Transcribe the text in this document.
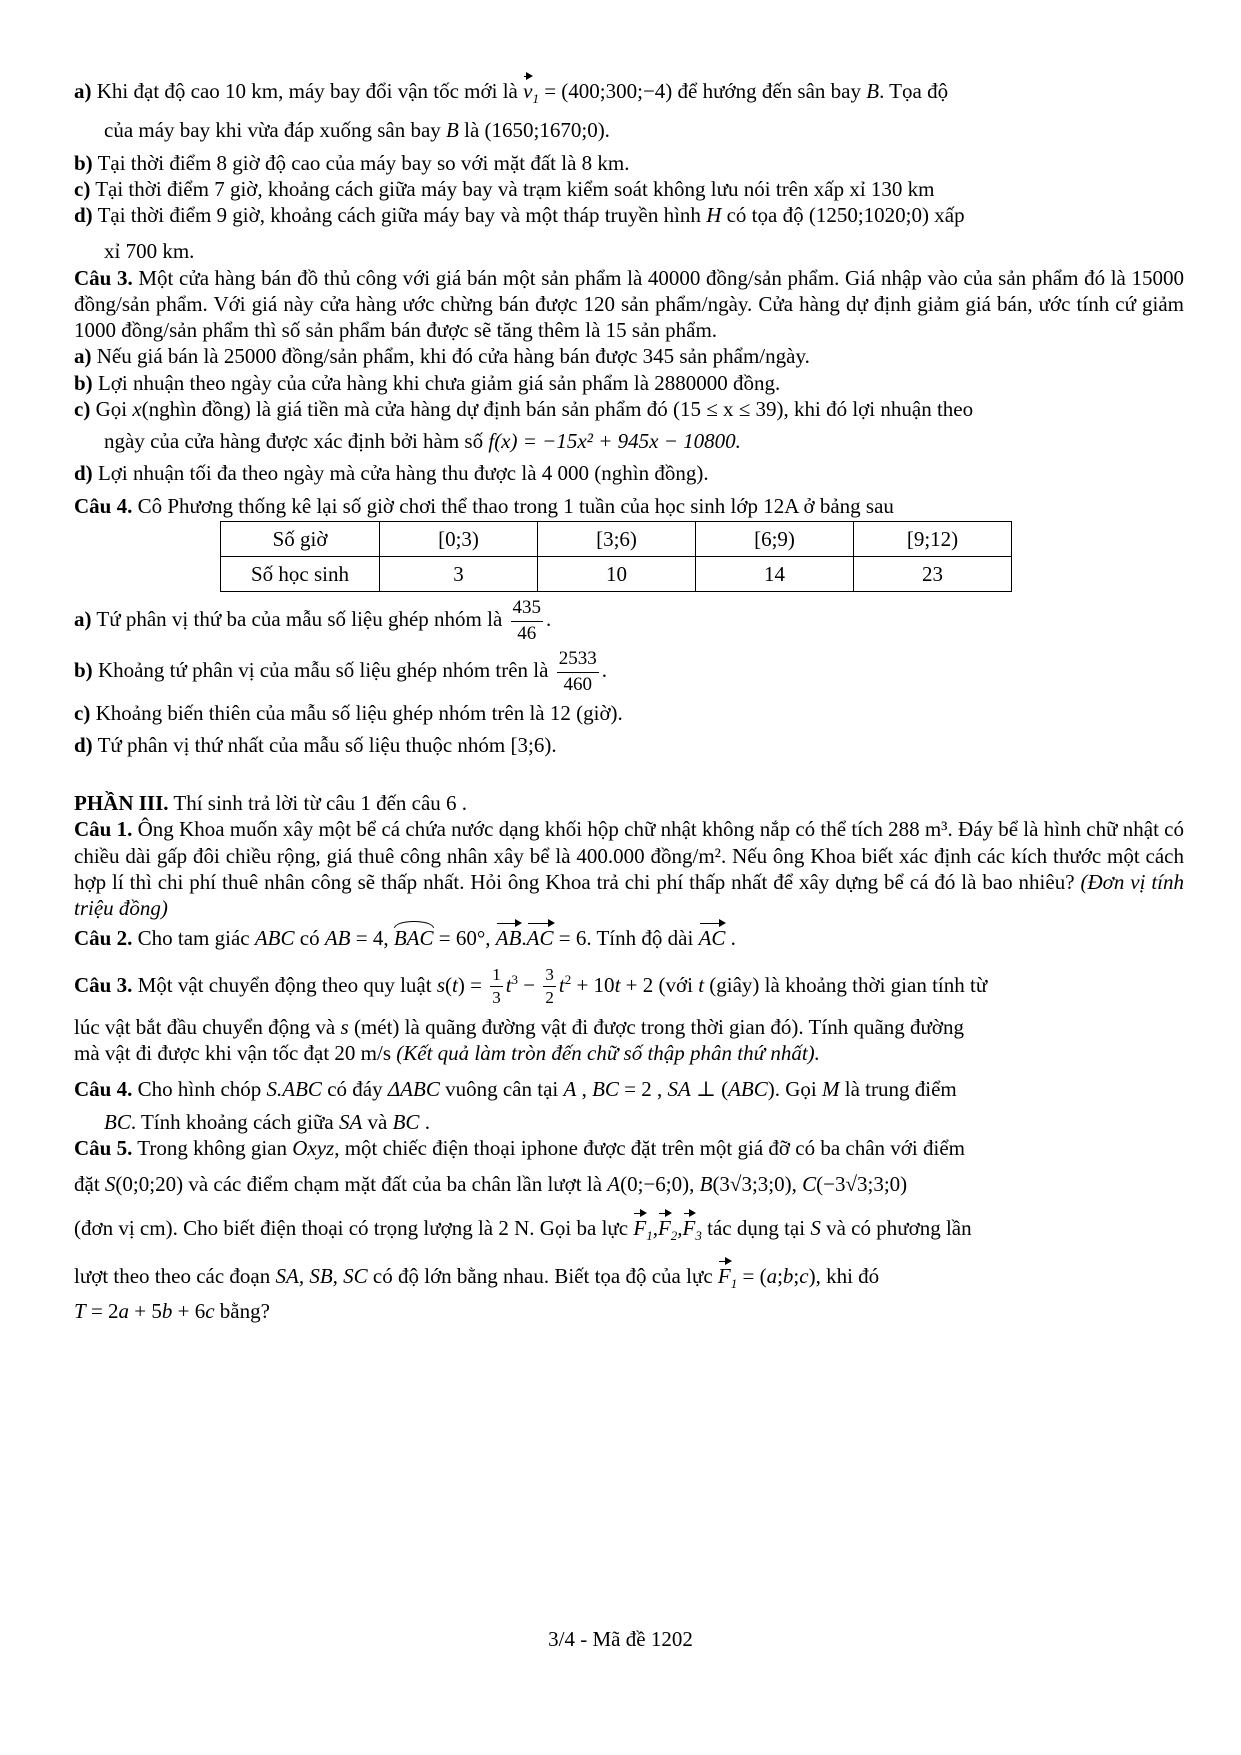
a) Khi đạt độ cao 10 km, máy bay đổi vận tốc mới là $v_1$ = (400;300;−4) để hướng đến sân bay B. Tọa độ

của máy bay khi vừa đáp xuống sân bay B là (1650;1670;0).

b) Tại thời điểm 8 giờ độ cao của máy bay so với mặt đất là 8 km.

c) Tại thời điểm 7 giờ, khoảng cách giữa máy bay và trạm kiểm soát không lưu nói trên xấp xỉ 130 km

d) Tại thời điểm 9 giờ, khoảng cách giữa máy bay và một tháp truyền hình H có tọa độ (1250;1020;0) xấp

xỉ 700 km.

Câu 3. Một cửa hàng bán đồ thủ công với giá bán một sản phẩm là 40000 đồng/sản phẩm. Giá nhập vào của sản phẩm đó là 15000 đồng/sản phẩm. Với giá này cửa hàng ước chừng bán được 120 sản phẩm/ngày. Cửa hàng dự định giảm giá bán, ước tính cứ giảm 1000 đồng/sản phẩm thì số sản phẩm bán được sẽ tăng thêm là 15 sản phẩm.

a) Nếu giá bán là 25000 đồng/sản phẩm, khi đó cửa hàng bán được 345 sản phẩm/ngày.

b) Lợi nhuận theo ngày của cửa hàng khi chưa giảm giá sản phẩm là 2880000 đồng.

c) Gọi x(nghìn đồng) là giá tiền mà cửa hàng dự định bán sản phẩm đó (15 ≤ x ≤ 39), khi đó lợi nhuận theo

ngày của cửa hàng được xác định bởi hàm số f(x) = −15x² + 945x − 10800.

d) Lợi nhuận tối đa theo ngày mà cửa hàng thu được là 4 000 (nghìn đồng).

Câu 4. Cô Phương thống kê lại số giờ chơi thể thao trong 1 tuần của học sinh lớp 12A ở bảng sau

Số giờ	[0;3)	[3;6)	[6;9)	[9;12)
Số học sinh	3	10	14	23

a) Tứ phân vị thứ ba của mẫu số liệu ghép nhóm là $\frac{435}{46}$ .

b) Khoảng tứ phân vị của mẫu số liệu ghép nhóm trên là $\frac{2533}{460}$ .

c) Khoảng biến thiên của mẫu số liệu ghép nhóm trên là 12 (giờ).

d) Tứ phân vị thứ nhất của mẫu số liệu thuộc nhóm [3;6).

PHẦN III. Thí sinh trả lời từ câu 1 đến câu 6 .

Câu 1. Ông Khoa muốn xây một bể cá chứa nước dạng khối hộp chữ nhật không nắp có thể tích 288 m³. Đáy bể là hình chữ nhật có chiều dài gấp đôi chiều rộng, giá thuê công nhân xây bể là 400.000 đồng/m². Nếu ông Khoa biết xác định các kích thước một cách hợp lí thì chi phí thuê nhân công sẽ thấp nhất. Hỏi ông Khoa trả chi phí thấp nhất để xây dựng bể cá đó là bao nhiêu? (Đơn vị tính triệu đồng)

Câu 2. Cho tam giác ABC có AB = 4, BAC = 60°, AB.AC = 6. Tính độ dài AC .

Câu 3. Một vật chuyển động theo quy luật $s(t) = \frac{1}{3} t^3 - \frac{3}{2} t^2 + 10t + 2$ (với t (giây) là khoảng thời gian tính từ

lúc vật bắt đầu chuyển động và s (mét) là quãng đường vật đi được trong thời gian đó). Tính quãng đường

mà vật đi được khi vận tốc đạt 20 m/s (Kết quả làm tròn đến chữ số thập phân thứ nhất).

Câu 4. Cho hình chóp S.ABC có đáy ΔABC vuông cân tại A , BC = 2 , SA ⊥ (ABC). Gọi M là trung điểm

BC. Tính khoảng cách giữa SA và BC .

Câu 5. Trong không gian Oxyz, một chiếc điện thoại iphone được đặt trên một giá đỡ có ba chân với điểm

đặt S(0;0;20) và các điểm chạm mặt đất của ba chân lần lượt là A(0;−6;0), B(3√3;3;0), C(−3√3;3;0)

(đơn vị cm). Cho biết điện thoại có trọng lượng là 2 N. Gọi ba lực $F_1,F_2,F_3$ tác dụng tại S và có phương lần

lượt theo theo các đoạn SA, SB, SC có độ lớn bằng nhau. Biết tọa độ của lực $F_1$ = (a;b;c), khi đó

T = 2a + 5b + 6c bằng?

3/4 - Mã đề 1202
